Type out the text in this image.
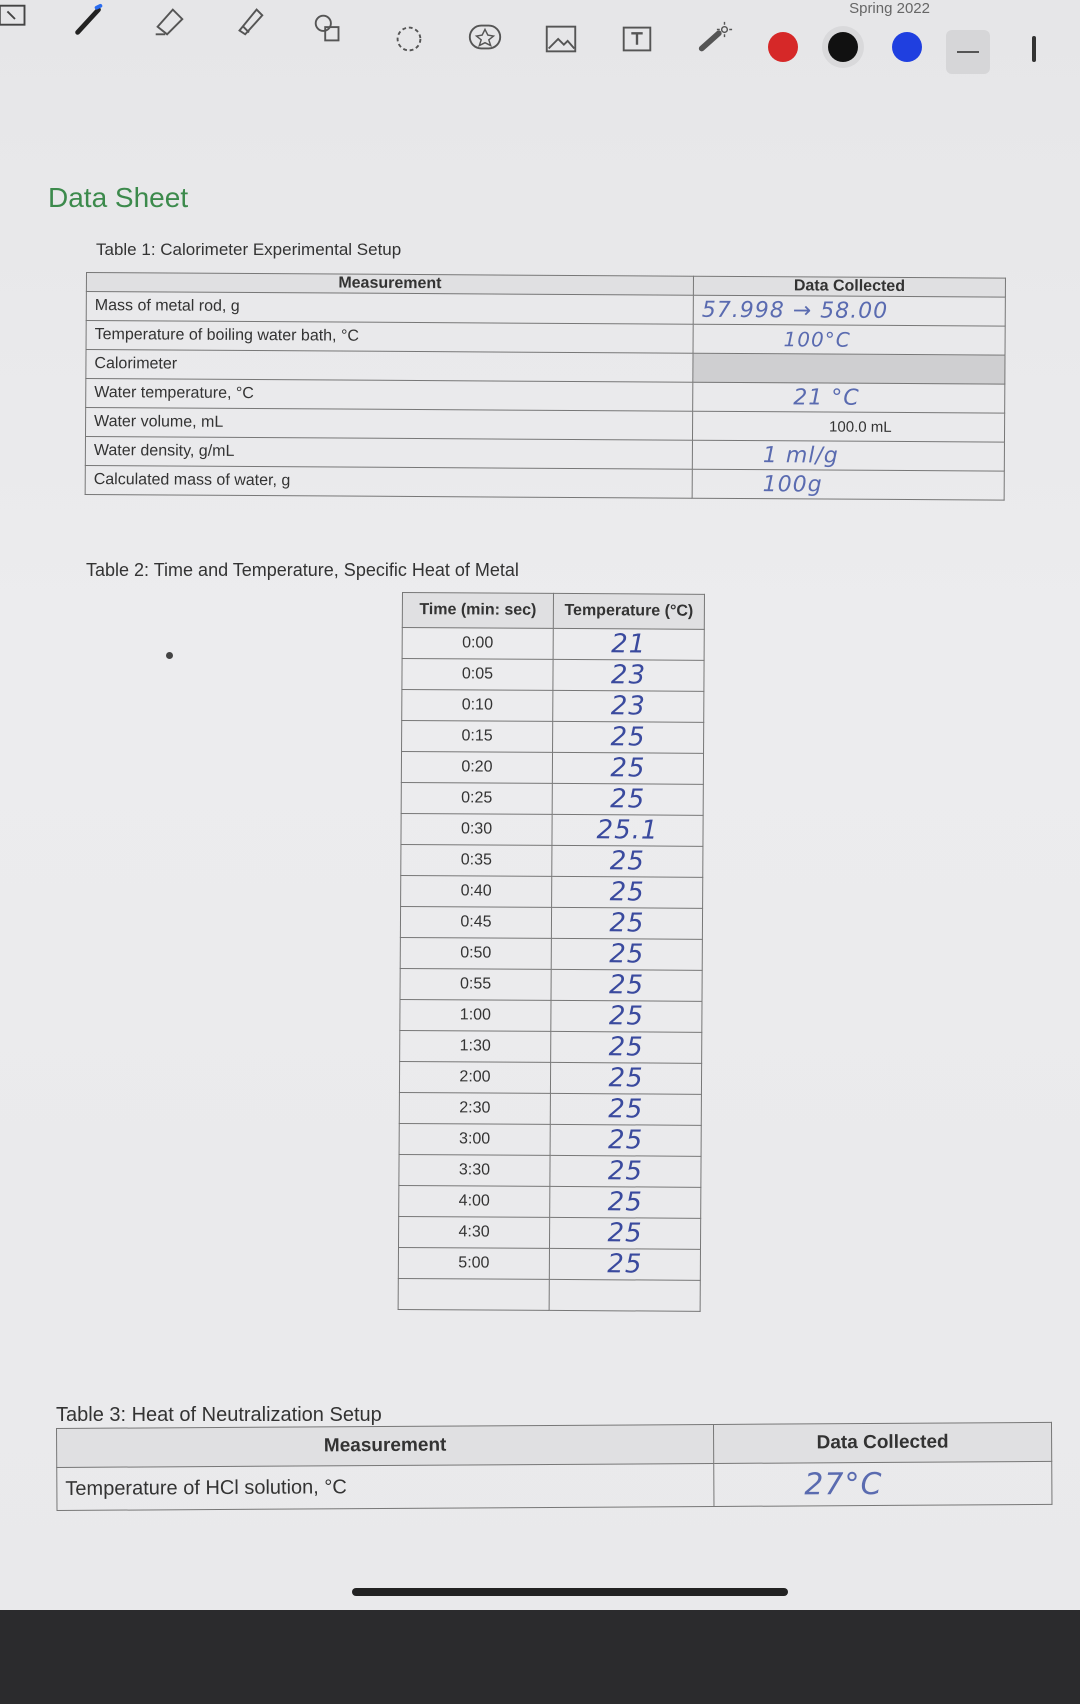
Spring 2022
Data Sheet
Table 1: Calorimeter Experimental Setup
Measurement	Data Collected
Mass of metal rod, g	57.998 → 58.00
Temperature of boiling water bath, °C	100°C
Calorimeter	
Water temperature, °C	21 °C
Water volume, mL	100.0 mL
Water density, g/mL	1 ml/g
Calculated mass of water, g	100g
Table 2: Time and Temperature, Specific Heat of Metal
Time (min: sec)	Temperature (°C)
0:00	21
0:05	23
0:10	23
0:15	25
0:20	25
0:25	25
0:30	25.1
0:35	25
0:40	25
0:45	25
0:50	25
0:55	25
1:00	25
1:30	25
2:00	25
2:30	25
3:00	25
3:30	25
4:00	25
4:30	25
5:00	25

Table 3: Heat of Neutralization Setup
Measurement	Data Collected
Temperature of HCl solution, °C	27°C
